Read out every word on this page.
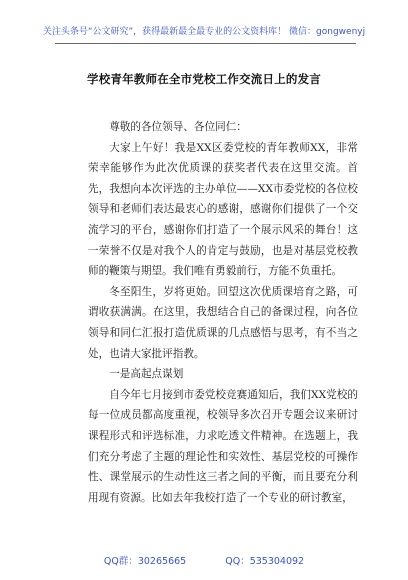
关注头条号“公文研究”，获得最新最全最专业的公文资料库！ 微信：gongwenyj
学校青年教师在全市党校工作交流日上的发言

尊敬的各位领导、各位同仁：

大家上午好！我是XX区委党校的青年教师XX，非常荣幸能够作为此次优质课的获奖者代表在这里交流。首先，我想向本次评选的主办单位——XX市委党校的各位校领导和老师们表达最衷心的感谢，感谢你们提供了一个交流学习的平台，感谢你们打造了一个展示风采的舞台！这一荣誉不仅是对我个人的肯定与鼓励，也是对基层党校教师的鞭策与期望。我们唯有勇毅前行，方能不负重托。

冬至阳生，岁将更始。回望这次优质课培育之路，可谓收获满满。在这里，我想结合自己的备课过程，向各位领导和同仁汇报打造优质课的几点感悟与思考，有不当之处，也请大家批评指教。

一是高起点谋划

自今年七月接到市委党校竞赛通知后，我们XX党校的每一位成员都高度重视，校领导多次召开专题会议来研讨课程形式和评选标准，力求吃透文件精神。在选题上，我们充分考虑了主题的理论性和实效性、基层党校的可操作性、课堂展示的生动性这三者之间的平衡，而且要充分利用现有资源。比如去年我校打造了一个专业的研讨教室，

QQ群：30265665	QQ：535304092
